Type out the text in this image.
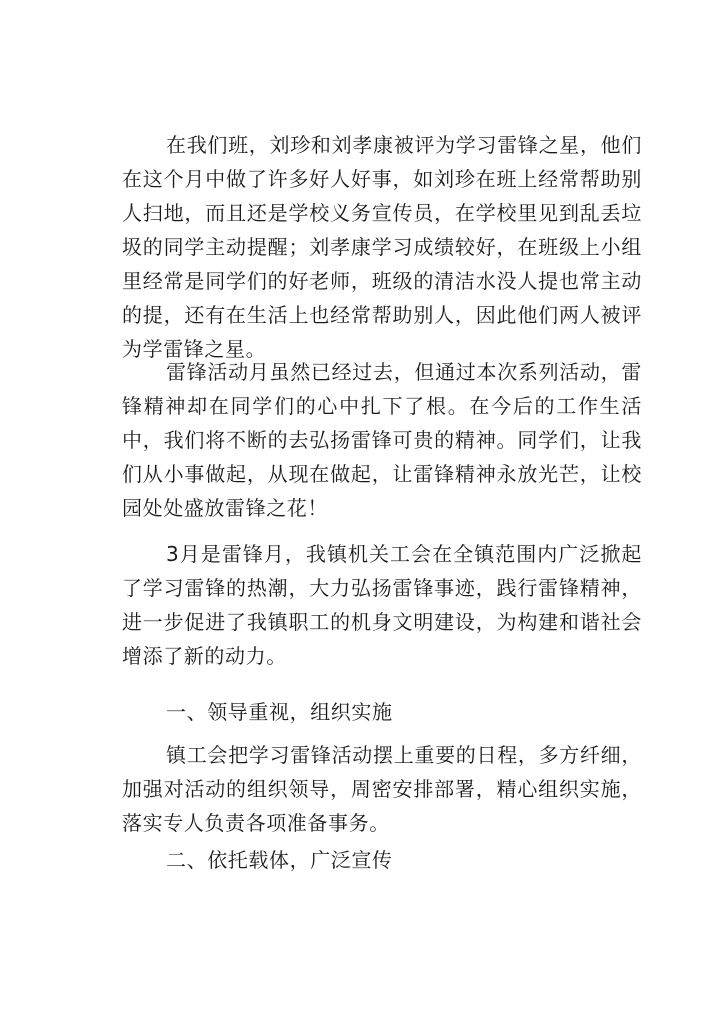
在我们班，刘珍和刘孝康被评为学习雷锋之星，他们在这个月中做了许多好人好事，如刘珍在班上经常帮助别人扫地，而且还是学校义务宣传员，在学校里见到乱丢垃圾的同学主动提醒；刘孝康学习成绩较好，在班级上小组里经常是同学们的好老师，班级的清洁水没人提也常主动的提，还有在生活上也经常帮助别人，因此他们两人被评为学雷锋之星。

雷锋活动月虽然已经过去，但通过本次系列活动，雷锋精神却在同学们的心中扎下了根。在今后的工作生活中，我们将不断的去弘扬雷锋可贵的精神。同学们，让我们从小事做起，从现在做起，让雷锋精神永放光芒，让校园处处盛放雷锋之花！

3月是雷锋月，我镇机关工会在全镇范围内广泛掀起了学习雷锋的热潮，大力弘扬雷锋事迹，践行雷锋精神，进一步促进了我镇职工的机身文明建设，为构建和谐社会增添了新的动力。

一、领导重视，组织实施

镇工会把学习雷锋活动摆上重要的日程，多方纤细，加强对活动的组织领导，周密安排部署，精心组织实施，落实专人负责各项准备事务。

二、依托载体，广泛宣传
